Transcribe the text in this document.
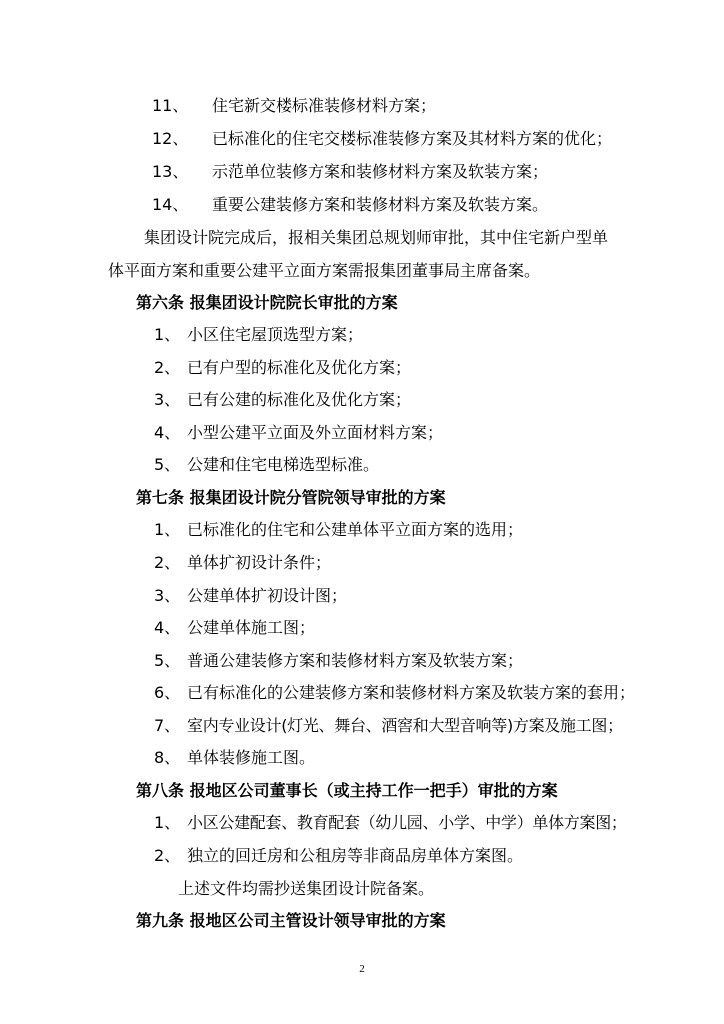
11、 住宅新交楼标准装修材料方案；
12、 已标准化的住宅交楼标准装修方案及其材料方案的优化；
13、 示范单位装修方案和装修材料方案及软装方案；
14、 重要公建装修方案和装修材料方案及软装方案。
集团设计院完成后，报相关集团总规划师审批，其中住宅新户型单
体平面方案和重要公建平立面方案需报集团董事局主席备案。
第六条 报集团设计院院长审批的方案
1、 小区住宅屋顶选型方案；
2、 已有户型的标准化及优化方案；
3、 已有公建的标准化及优化方案；
4、 小型公建平立面及外立面材料方案；
5、 公建和住宅电梯选型标准。
第七条 报集团设计院分管院领导审批的方案
1、 已标准化的住宅和公建单体平立面方案的选用；
2、 单体扩初设计条件；
3、 公建单体扩初设计图；
4、 公建单体施工图；
5、 普通公建装修方案和装修材料方案及软装方案；
6、 已有标准化的公建装修方案和装修材料方案及软装方案的套用；
7、 室内专业设计(灯光、舞台、酒窖和大型音响等)方案及施工图；
8、 单体装修施工图。
第八条 报地区公司董事长（或主持工作一把手）审批的方案
1、 小区公建配套、教育配套（幼儿园、小学、中学）单体方案图；
2、 独立的回迁房和公租房等非商品房单体方案图。
上述文件均需抄送集团设计院备案。
第九条 报地区公司主管设计领导审批的方案
2
